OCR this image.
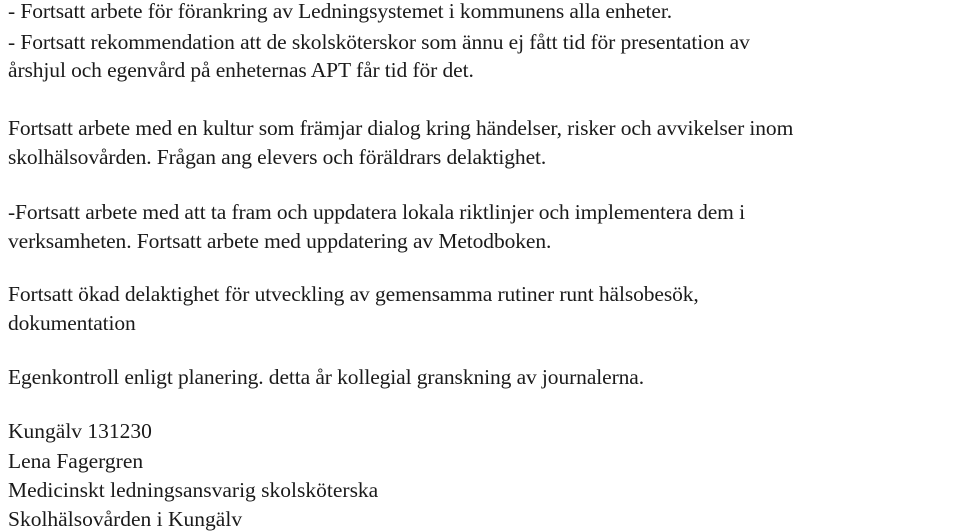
- Fortsatt arbete för förankring av Ledningsystemet i kommunens alla enheter.

- Fortsatt rekommendation att de skolsköterskor som ännu ej fått tid för presentation av

årshjul och egenvård på enheternas APT får tid för det.

Fortsatt arbete med en kultur som främjar dialog kring händelser, risker och avvikelser inom

skolhälsovården. Frågan ang elevers och föräldrars delaktighet.

-Fortsatt arbete med att ta fram och uppdatera lokala riktlinjer och implementera dem i

verksamheten. Fortsatt arbete med uppdatering av Metodboken.

Fortsatt ökad delaktighet för utveckling av gemensamma rutiner runt hälsobesök,

dokumentation

Egenkontroll enligt planering. detta år kollegial granskning av journalerna.

Kungälv 131230

Lena Fagergren

Medicinskt ledningsansvarig skolsköterska

Skolhälsovården i Kungälv
